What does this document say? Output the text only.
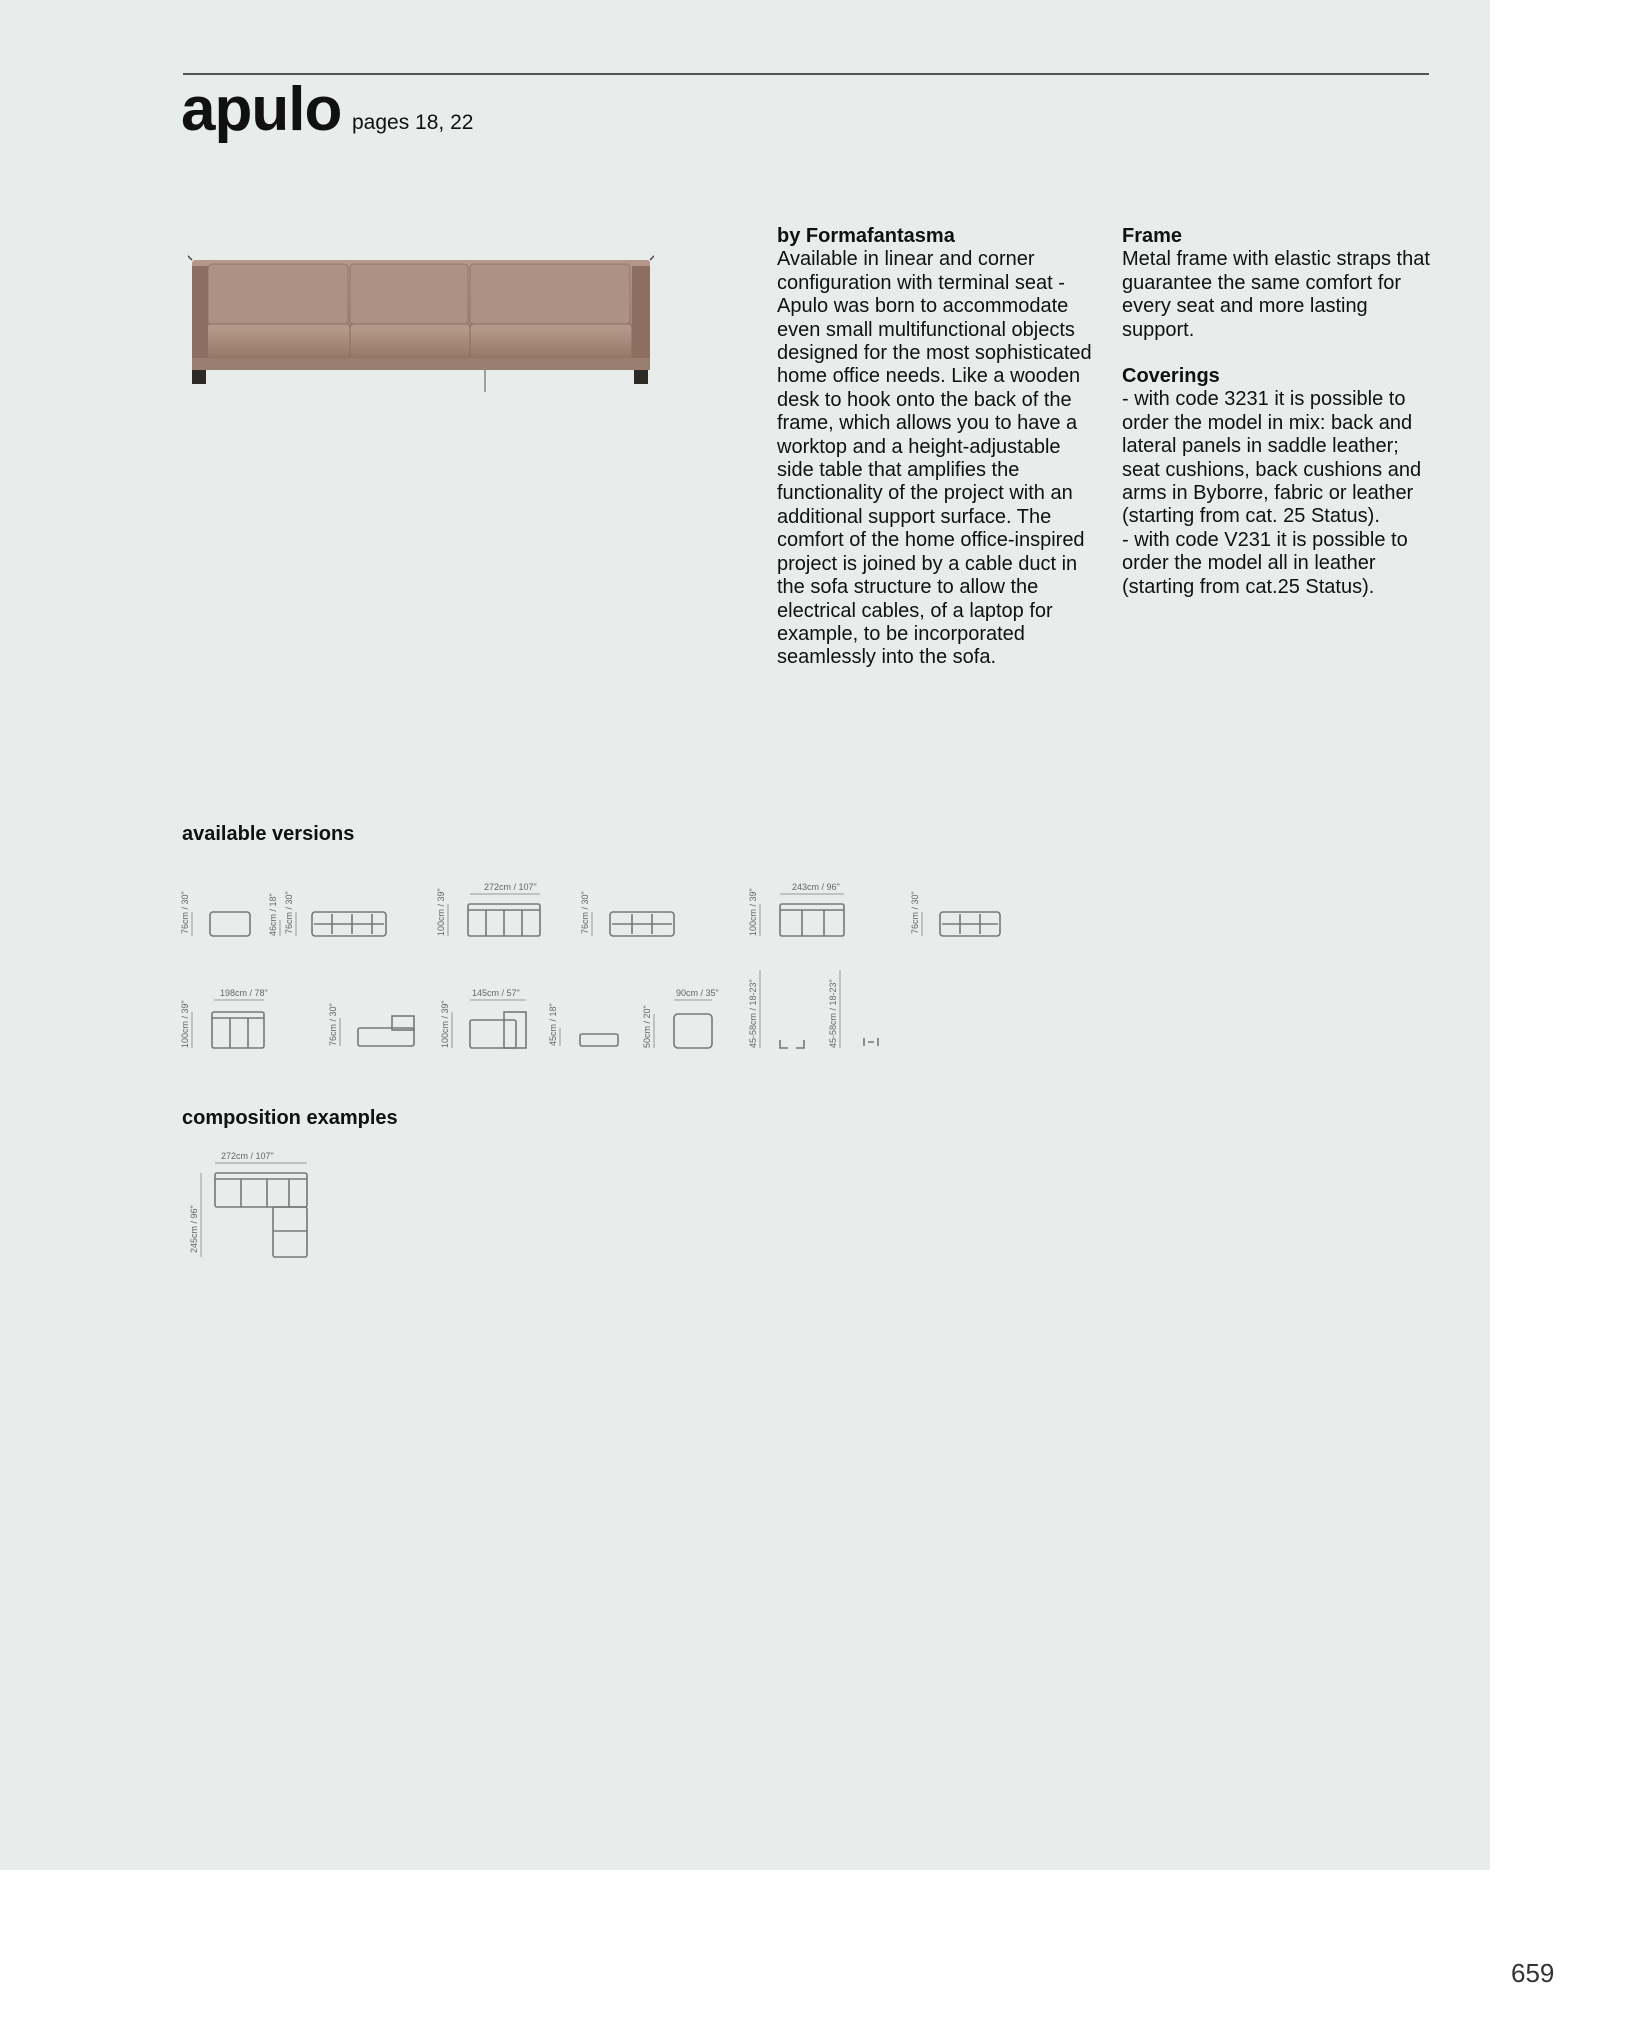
apulo pages 18, 22

by Formafantasma

Available in linear and corner configuration with terminal seat - Apulo was born to accommodate even small multifunctional objects designed for the most sophisticated home office needs. Like a wooden desk to hook onto the back of the frame, which allows you to have a worktop and a height-adjustable side table that amplifies the functionality of the project with an additional support surface. The comfort of the home office-inspired project is joined by a cable duct in the sofa structure to allow the electrical cables, of a laptop for example, to be incorporated seamlessly into the sofa.

Frame

Metal frame with elastic straps that guarantee the same comfort for every seat and more lasting support.

Coverings

- with code 3231 it is possible to order the model in mix: back and lateral panels in saddle leather; seat cushions, back cushions and arms in Byborre, fabric or leather (starting from cat. 25 Status).

- with code V231 it is possible to order the model all in leather (starting from cat.25 Status).

available versions
76cm / 30"	46cm / 18" 76cm / 30"	100cm / 39"
272cm / 107"
76cm / 30"	100cm / 39"
243cm / 96"
76cm / 30"
100cm / 39"
198cm / 78"
76cm / 30"	100cm / 39"
145cm / 57"
45cm / 18"	50cm / 20"
90cm / 35"	45-58cm / 18-23"	45-58cm / 18-23"
composition examples
272cm / 107"
245cm / 96"
659
